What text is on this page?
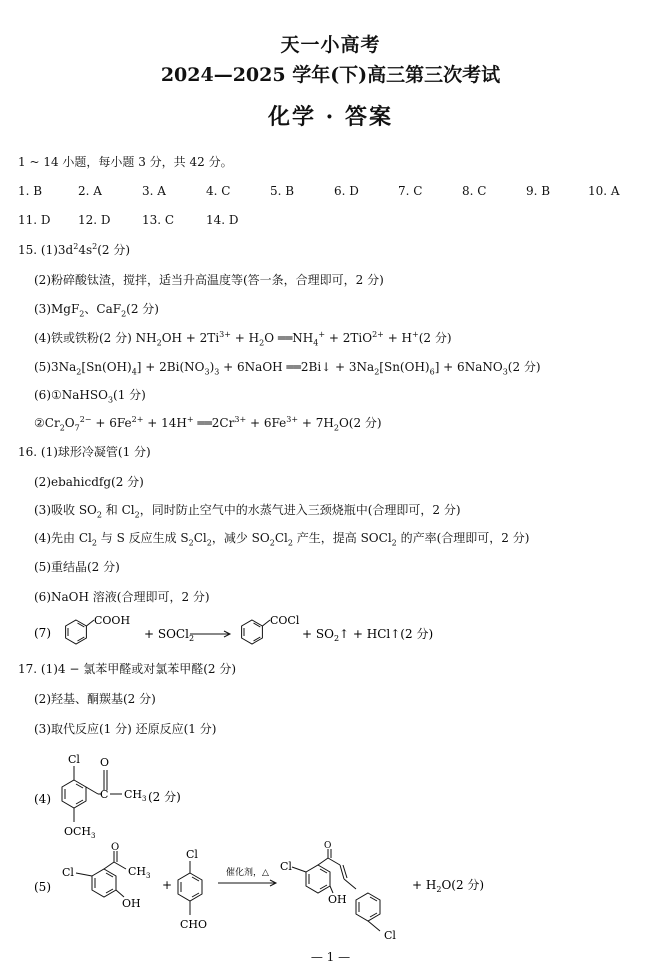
天一小高考
2024—2025 学年(下)高三第三次考试
化学 · 答案
1 ~ 14 小题，每小题 3 分，共 42 分。
1. B	2. A	3. A	4. C	5. B	6. D	7. C	8. C	9. B	10. A
11. D 12. D	13. C	14. D
15. $(1)3d^24s^2(2$ 分)
(2)粉碎酸钛渣，搅拌，适当升高温度等(答一条，合理即可，2 分)
(3)MgF$_2$、CaF$_2$(2 分)
(4)铁或铁粉(2 分) $NH_2OH + 2Ti^{3+} + H_2O$ $══NH_4^+ + 2TiO^{2+} + H^+(2$ 分)
$(5)3Na_2[Sn(OH)_4] + 2Bi(NO_3)_3$ + 6NaOH ══2Bi↓ + $3Na_2[Sn(OH)_6]$ + 6NaNO$_3$(2 分)
(6)①NaHSO$_3$(1 分)
$②Cr_2O_7^{2-} + 6Fe^{2+} + 14H^+$ $══2Cr^{3+} + 6Fe^{3+} + 7H_2O(2$ 分)
16. (1)球形冷凝管(1 分)
(2)ebahicdfg(2 分)
(3)吸收 $SO_2$ 和 $Cl_2$，同时防止空气中的水蒸气进入三颈烧瓶中(合理即可，2 分)
(4)先由 $Cl_2$ 与 S 反应生成 $S_2Cl_2$，减少 $SO_2Cl_2$ 产生，提高 SOCl$_2$ 的产率(合理即可，2 分)
(5)重结晶(2 分)
(6)NaOH 溶液(合理即可，2 分)
(7)
COOH
+ SOCl$_2$
COCl
+ $SO_2↑$ + HCl↑(2 分)
17. (1)4 − 氯苯甲醛或对氯苯甲醛(2 分)
(2)羟基、酮羰基(2 分)
(3)取代反应(1 分) 还原反应(1 分)
(4)
Cl O
C $CH_3$
$OCH_3$
(2 分)
(5)
Cl
O
$CH_3$
OH
+
Cl
CHO
催化剂，△ Cl
O
OH
Cl
+ $H_2O(2$ 分)
— 1 —
